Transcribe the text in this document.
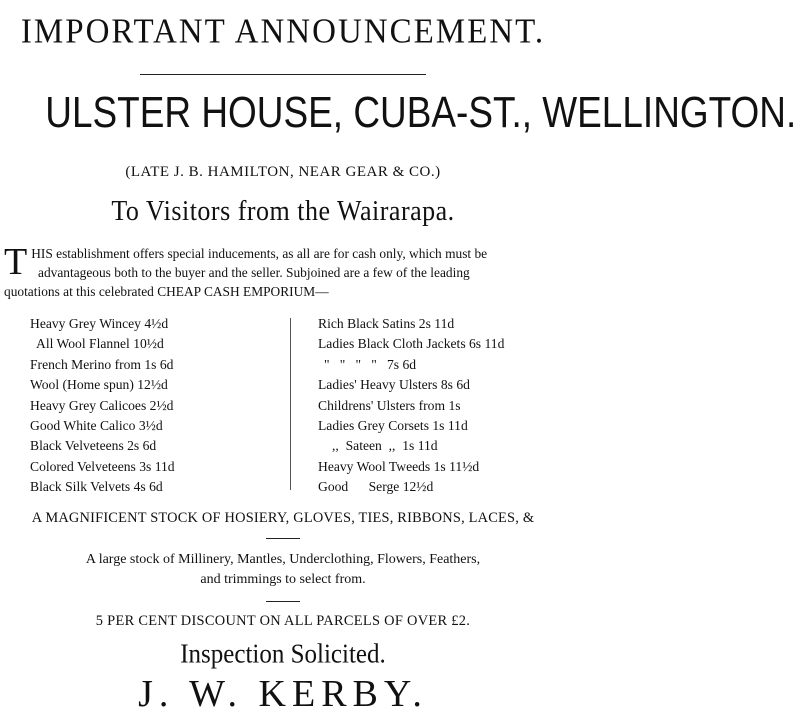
IMPORTANT ANNOUNCEMENT.
ULSTER HOUSE, CUBA-ST., WELLINGTON.
(LATE J. B. HAMILTON, NEAR GEAR & CO.)
To Visitors from the Wairarapa.
T HIS establishment offers special inducements, as all are for cash only, which must be
advantageous both to the buyer and the seller. Subjoined are a few of the leading
quotations at this celebrated CHEAP CASH EMPORIUM—
Heavy Grey Wincey 4½d
All Wool Flannel 10½d
French Merino from 1s 6d
Wool (Home spun) 12½d
Heavy Grey Calicoes 2½d
Good White Calico 3½d
Black Velveteens 2s 6d
Colored Velveteens 3s 11d
Black Silk Velvets 4s 6d
Rich Black Satins 2s 11d
Ladies Black Cloth Jackets 6s 11d
"   "   "   "   7s 6d
Ladies' Heavy Ulsters 8s 6d
Childrens' Ulsters from 1s
Ladies Grey Corsets 1s 11d
,,  Sateen  ,,  1s 11d
Heavy Wool Tweeds 1s 11½d
Good      Serge 12½d
A MAGNIFICENT STOCK OF HOSIERY, GLOVES, TIES, RIBBONS, LACES, &
A large stock of Millinery, Mantles, Underclothing, Flowers, Feathers,
and trimmings to select from.
5 PER CENT DISCOUNT ON ALL PARCELS OF OVER £2.
Inspection Solicited.
J. W. KERBY.
